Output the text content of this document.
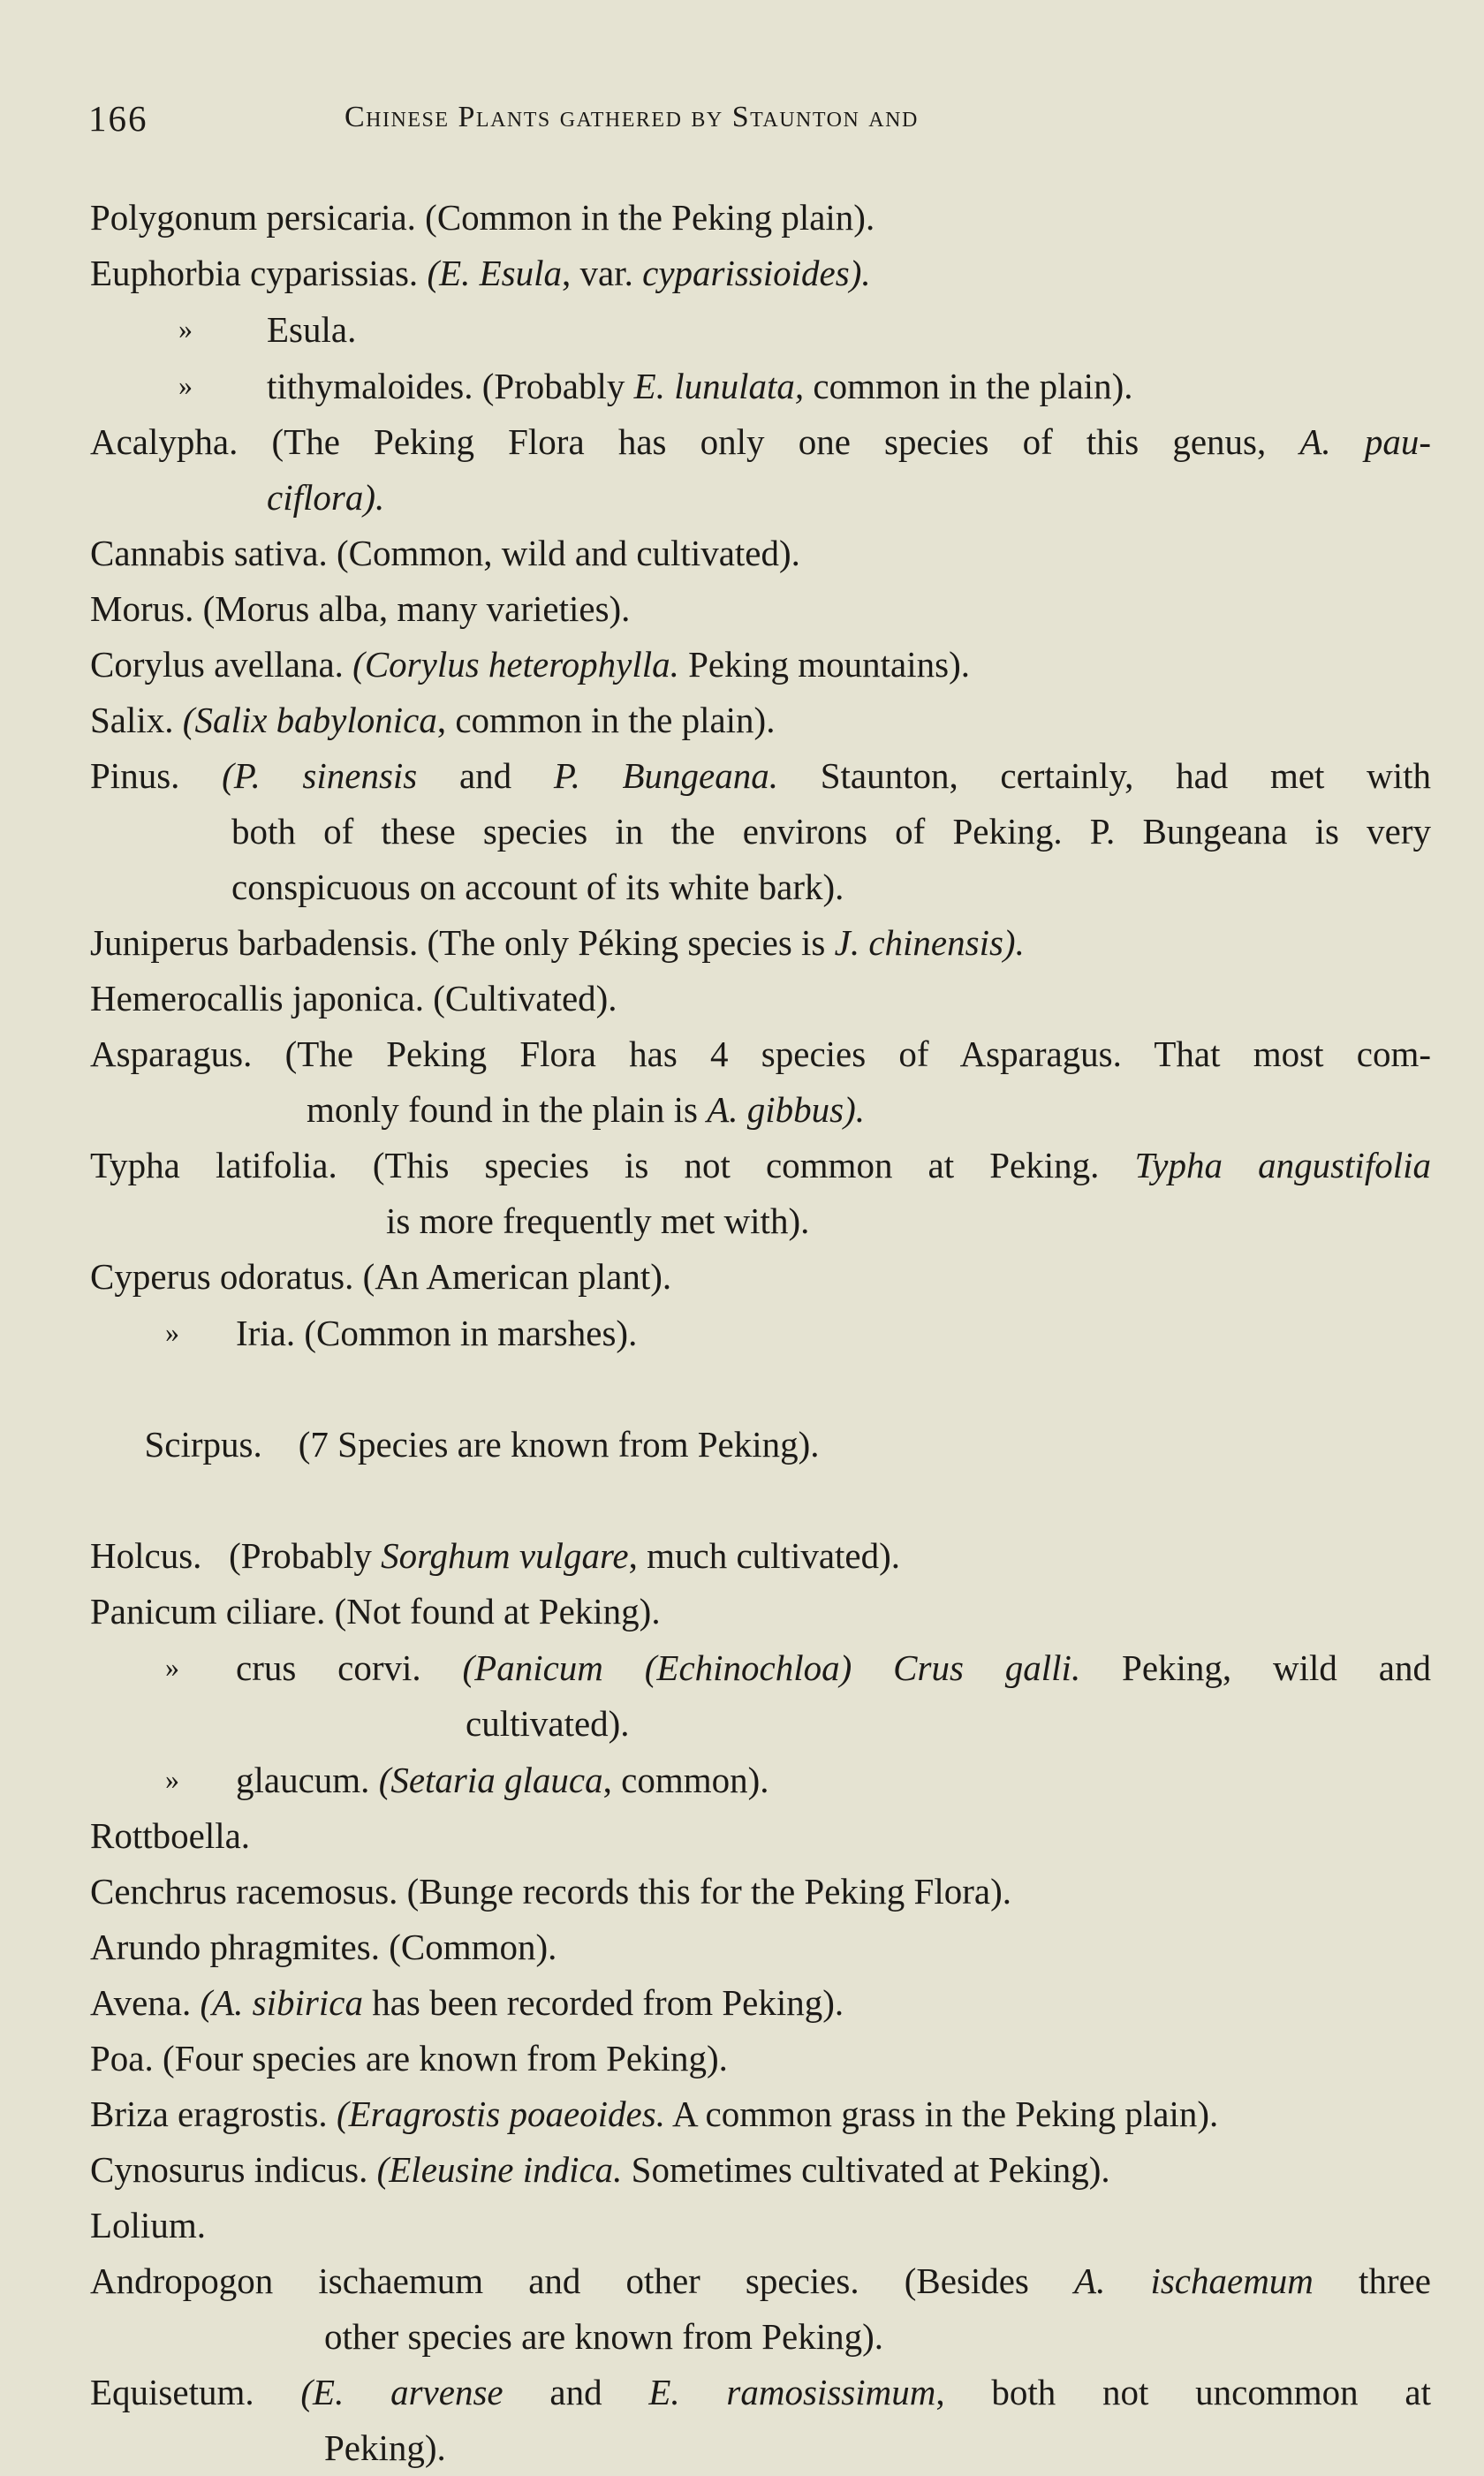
166	Chinese Plants gathered by Staunton and
Polygonum persicaria. (Common in the Peking plain).
Euphorbia cyparissias. (E. Esula, var. cyparissioides).
» Esula.
» tithymaloides. (Probably E. lunulata, common in the plain).
Acalypha. (The Peking Flora has only one species of this genus, A. pau-
ciflora).
Cannabis sativa. (Common, wild and cultivated).
Morus. (Morus alba, many varieties).
Corylus avellana. (Corylus heterophylla. Peking mountains).
Salix. (Salix babylonica, common in the plain).
Pinus. (P. sinensis and P. Bungeana. Staunton, certainly, had met with
both of these species in the environs of Peking. P. Bungeana is very
conspicuous on account of its white bark).
Juniperus barbadensis. (The only Péking species is J. chinensis).
Hemerocallis japonica. (Cultivated).
Asparagus. (The Peking Flora has 4 species of Asparagus. That most com-
monly found in the plain is A. gibbus).
Typha latifolia. (This species is not common at Peking. Typha angustifolia
is more frequently met with).
Cyperus odoratus. (An American plant).
» Iria. (Common in marshes).

Scirpus.    (7 Species are known from Peking).

Holcus.   (Probably Sorghum vulgare, much cultivated).
Panicum ciliare. (Not found at Peking).
» crus corvi. (Panicum (Echinochloa) Crus galli. Peking, wild and
cultivated).
» glaucum. (Setaria glauca, common).
Rottboella.
Cenchrus racemosus. (Bunge records this for the Peking Flora).
Arundo phragmites. (Common).
Avena. (A. sibirica has been recorded from Peking).
Poa. (Four species are known from Peking).
Briza eragrostis. (Eragrostis poaeoides. A common grass in the Peking plain).
Cynosurus indicus. (Eleusine indica. Sometimes cultivated at Peking).
Lolium.
Andropogon ischaemum and other species. (Besides A. ischaemum three
other species are known from Peking).
Equisetum. (E. arvense and E. ramosissimum, both not uncommon at
Peking).
